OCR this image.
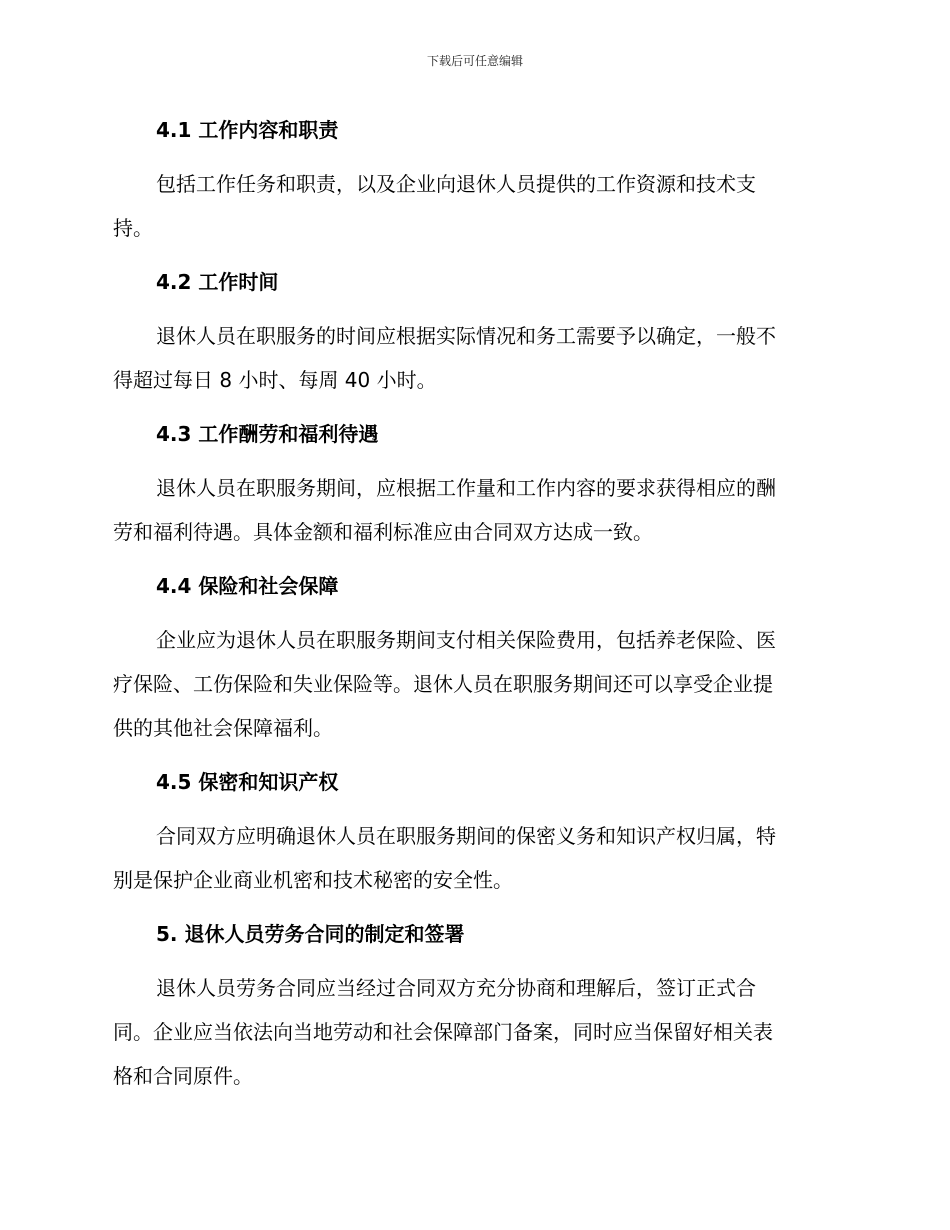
下载后可任意编辑
4.1 工作内容和职责

包括工作任务和职责，以及企业向退休人员提供的工作资源和技术支
持。

4.2 工作时间

退休人员在职服务的时间应根据实际情况和务工需要予以确定，一般不
得超过每日 8 小时、每周 40 小时。

4.3 工作酬劳和福利待遇

退休人员在职服务期间，应根据工作量和工作内容的要求获得相应的酬
劳和福利待遇。具体金额和福利标准应由合同双方达成一致。

4.4 保险和社会保障

企业应为退休人员在职服务期间支付相关保险费用，包括养老保险、医
疗保险、工伤保险和失业保险等。退休人员在职服务期间还可以享受企业提
供的其他社会保障福利。

4.5 保密和知识产权

合同双方应明确退休人员在职服务期间的保密义务和知识产权归属，特
别是保护企业商业机密和技术秘密的安全性。

5. 退休人员劳务合同的制定和签署

退休人员劳务合同应当经过合同双方充分协商和理解后，签订正式合
同。企业应当依法向当地劳动和社会保障部门备案，同时应当保留好相关表
格和合同原件。
